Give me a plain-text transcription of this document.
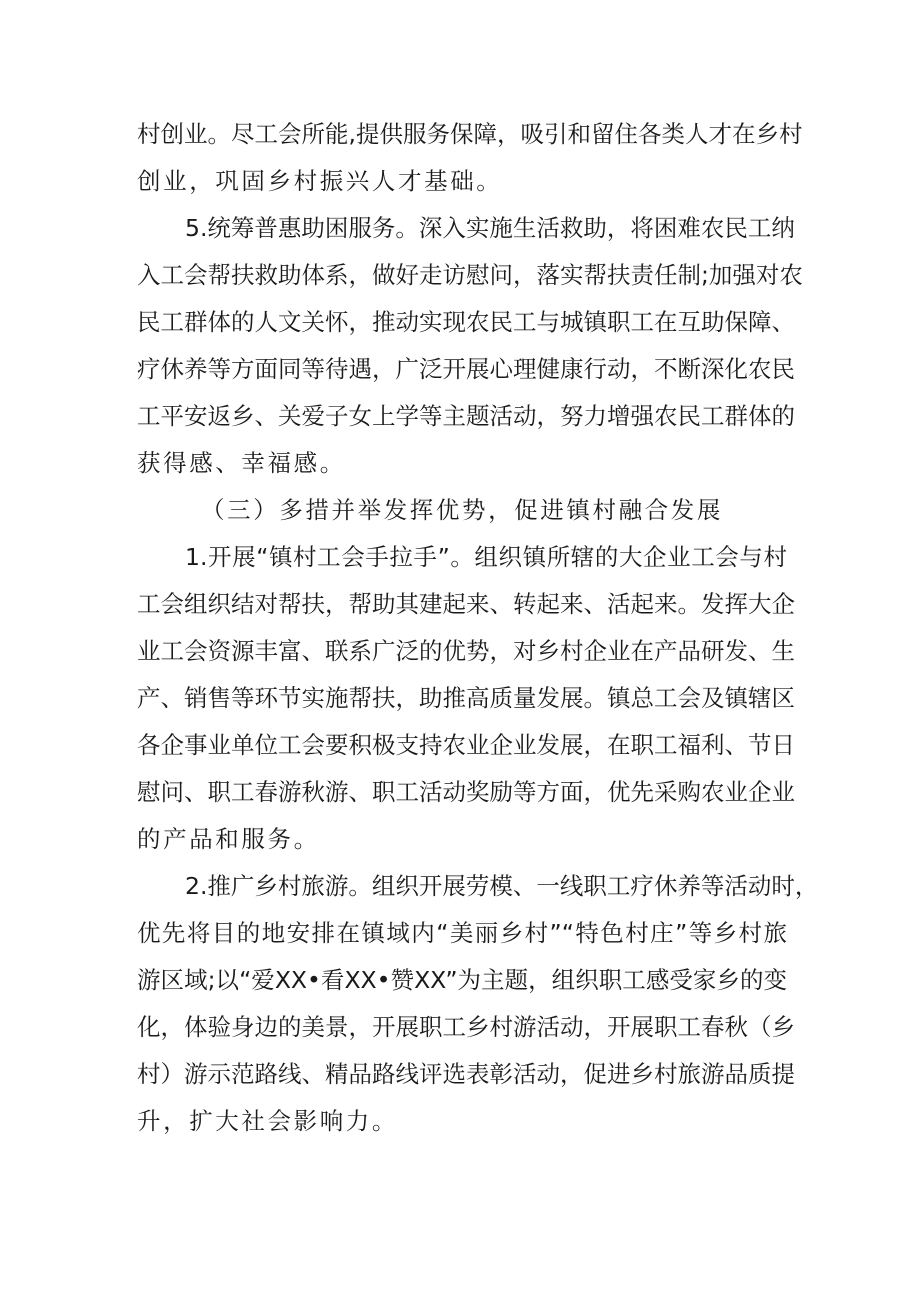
村创业。尽工会所能,提供服务保障，吸引和留住各类人才在乡村
创业，巩固乡村振兴人才基础。
5.统筹普惠助困服务。深入实施生活救助，将困难农民工纳
入工会帮扶救助体系，做好走访慰问，落实帮扶责任制;加强对农
民工群体的人文关怀，推动实现农民工与城镇职工在互助保障、
疗休养等方面同等待遇，广泛开展心理健康行动，不断深化农民
工平安返乡、关爱子女上学等主题活动，努力增强农民工群体的
获得感、幸福感。
（三）多措并举发挥优势，促进镇村融合发展
1.开展“镇村工会手拉手”。组织镇所辖的大企业工会与村
工会组织结对帮扶，帮助其建起来、转起来、活起来。发挥大企
业工会资源丰富、联系广泛的优势，对乡村企业在产品研发、生
产、销售等环节实施帮扶，助推高质量发展。镇总工会及镇辖区
各企事业单位工会要积极支持农业企业发展，在职工福利、节日
慰问、职工春游秋游、职工活动奖励等方面，优先采购农业企业
的产品和服务。
2.推广乡村旅游。组织开展劳模、一线职工疗休养等活动时，
优先将目的地安排在镇域内“美丽乡村”“特色村庄”等乡村旅
游区域;以“爱XX•看XX•赞XX”为主题，组织职工感受家乡的变
化，体验身边的美景，开展职工乡村游活动，开展职工春秋（乡
村）游示范路线、精品路线评选表彰活动，促进乡村旅游品质提
升，扩大社会影响力。
